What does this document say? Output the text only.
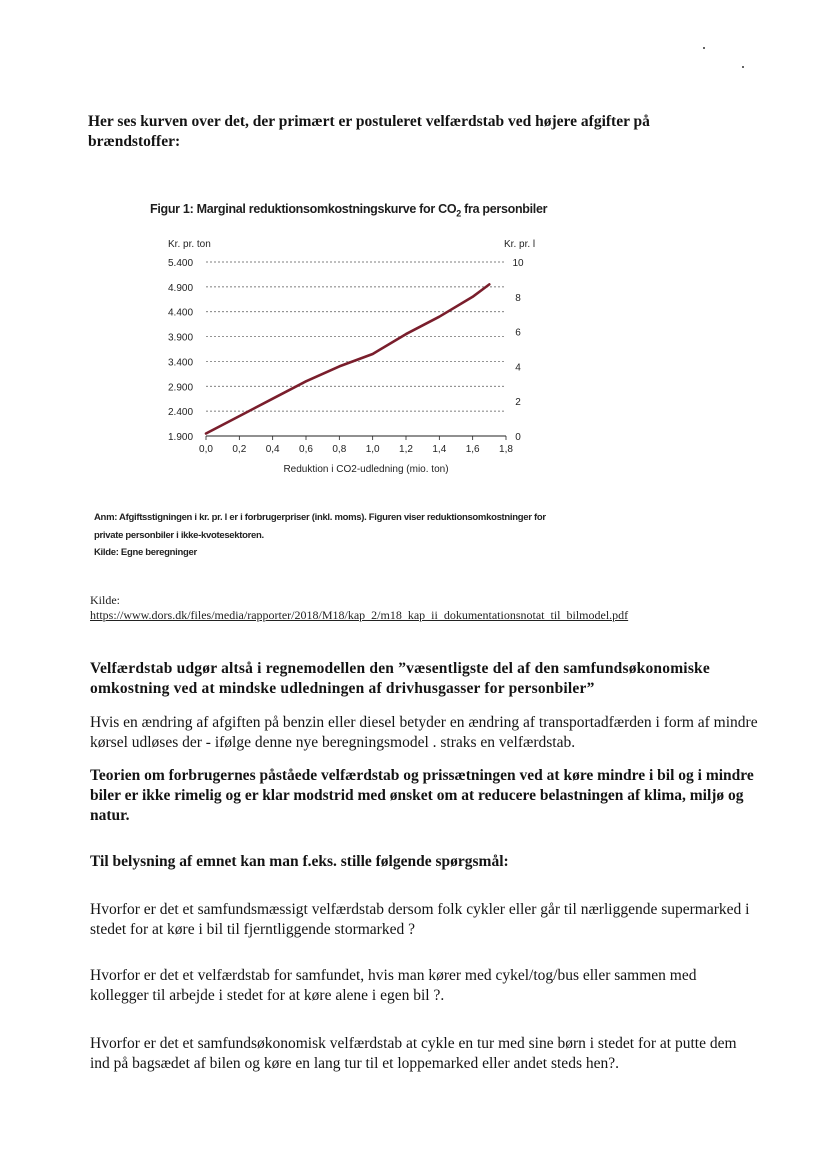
Her ses kurven over det, der primært er postuleret velfærdstab ved højere afgifter på brændstoffer:

Figur 1: Marginal reduktionsomkostningskurve for $CO_2$ fra personbiler
1.900
2.400
2.900
3.400
3.900
4.400
4.900
5.400
0
2
4
6
8
10
0,0 0,2 0,4 0,6 0,8 1,0 1,2 1,4 1,6 1,8
Kr. pr. ton	Kr. pr. l
Reduktion i CO2-udledning (mio. ton)
Anm: Afgiftsstigningen i kr. pr. l er i forbrugerpriser (inkl. moms). Figuren viser reduktionsomkostninger for
private personbiler i ikke-kvotesektoren.
Kilde: Egne beregninger

Kilde:

https://www.dors.dk/files/media/rapporter/2018/M18/kap_2/m18_kap_ii_dokumentationsnotat_til_bilmodel.pdf

Velfærdstab udgør altså i regnemodellen den ”væsentligste del af den samfundsøkonomiske omkostning ved at mindske udledningen af drivhusgasser for personbiler”

Hvis en ændring af afgiften på benzin eller diesel betyder en ændring af transportadfærden i form af mindre kørsel udløses der - ifølge denne nye beregningsmodel . straks en velfærdstab.

Teorien om forbrugernes påståede velfærdstab og prissætningen ved at køre mindre i bil og i mindre biler er ikke rimelig og er klar modstrid med ønsket om at reducere belastningen af klima, miljø og natur.

Til belysning af emnet kan man f.eks. stille følgende spørgsmål:

Hvorfor er det et samfundsmæssigt velfærdstab dersom folk cykler eller går til nærliggende supermarked i stedet for at køre i bil til fjerntliggende stormarked ?

Hvorfor er det et velfærdstab for samfundet, hvis man kører med cykel/tog/bus eller sammen med kollegger til arbejde i stedet for at køre alene i egen bil ?.

Hvorfor er det et samfundsøkonomisk velfærdstab at cykle en tur med sine børn i stedet for at putte dem ind på bagsædet af bilen og køre en lang tur til et loppemarked eller andet steds hen?.
